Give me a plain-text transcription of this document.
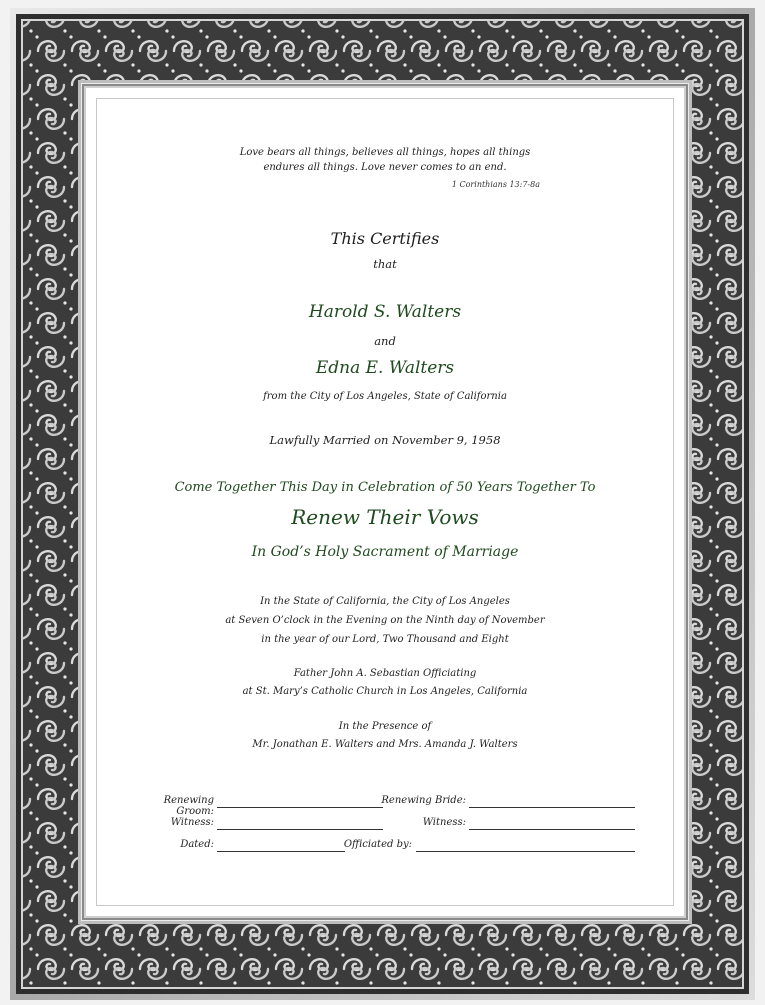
Love bears all things, believes all things, hopes all things
endures all things. Love never comes to an end.
1 Corinthians 13:7-8a
This Certifies
that
Harold S. Walters
and
Edna E. Walters
from the City of Los Angeles, State of California
Lawfully Married on November 9, 1958
Come Together This Day in Celebration of 50 Years Together To
Renew Their Vows
In God’s Holy Sacrament of Marriage
In the State of California, the City of Los Angeles
at Seven O’clock in the Evening on the Ninth day of November
in the year of our Lord, Two Thousand and Eight
Father John A. Sebastian Officiating
at St. Mary’s Catholic Church in Los Angeles, California
In the Presence of
Mr. Jonathan E. Walters and Mrs. Amanda J. Walters
Renewing Groom:
Renewing Bride:
Witness:	Witness:
Dated:	Officiated by:
